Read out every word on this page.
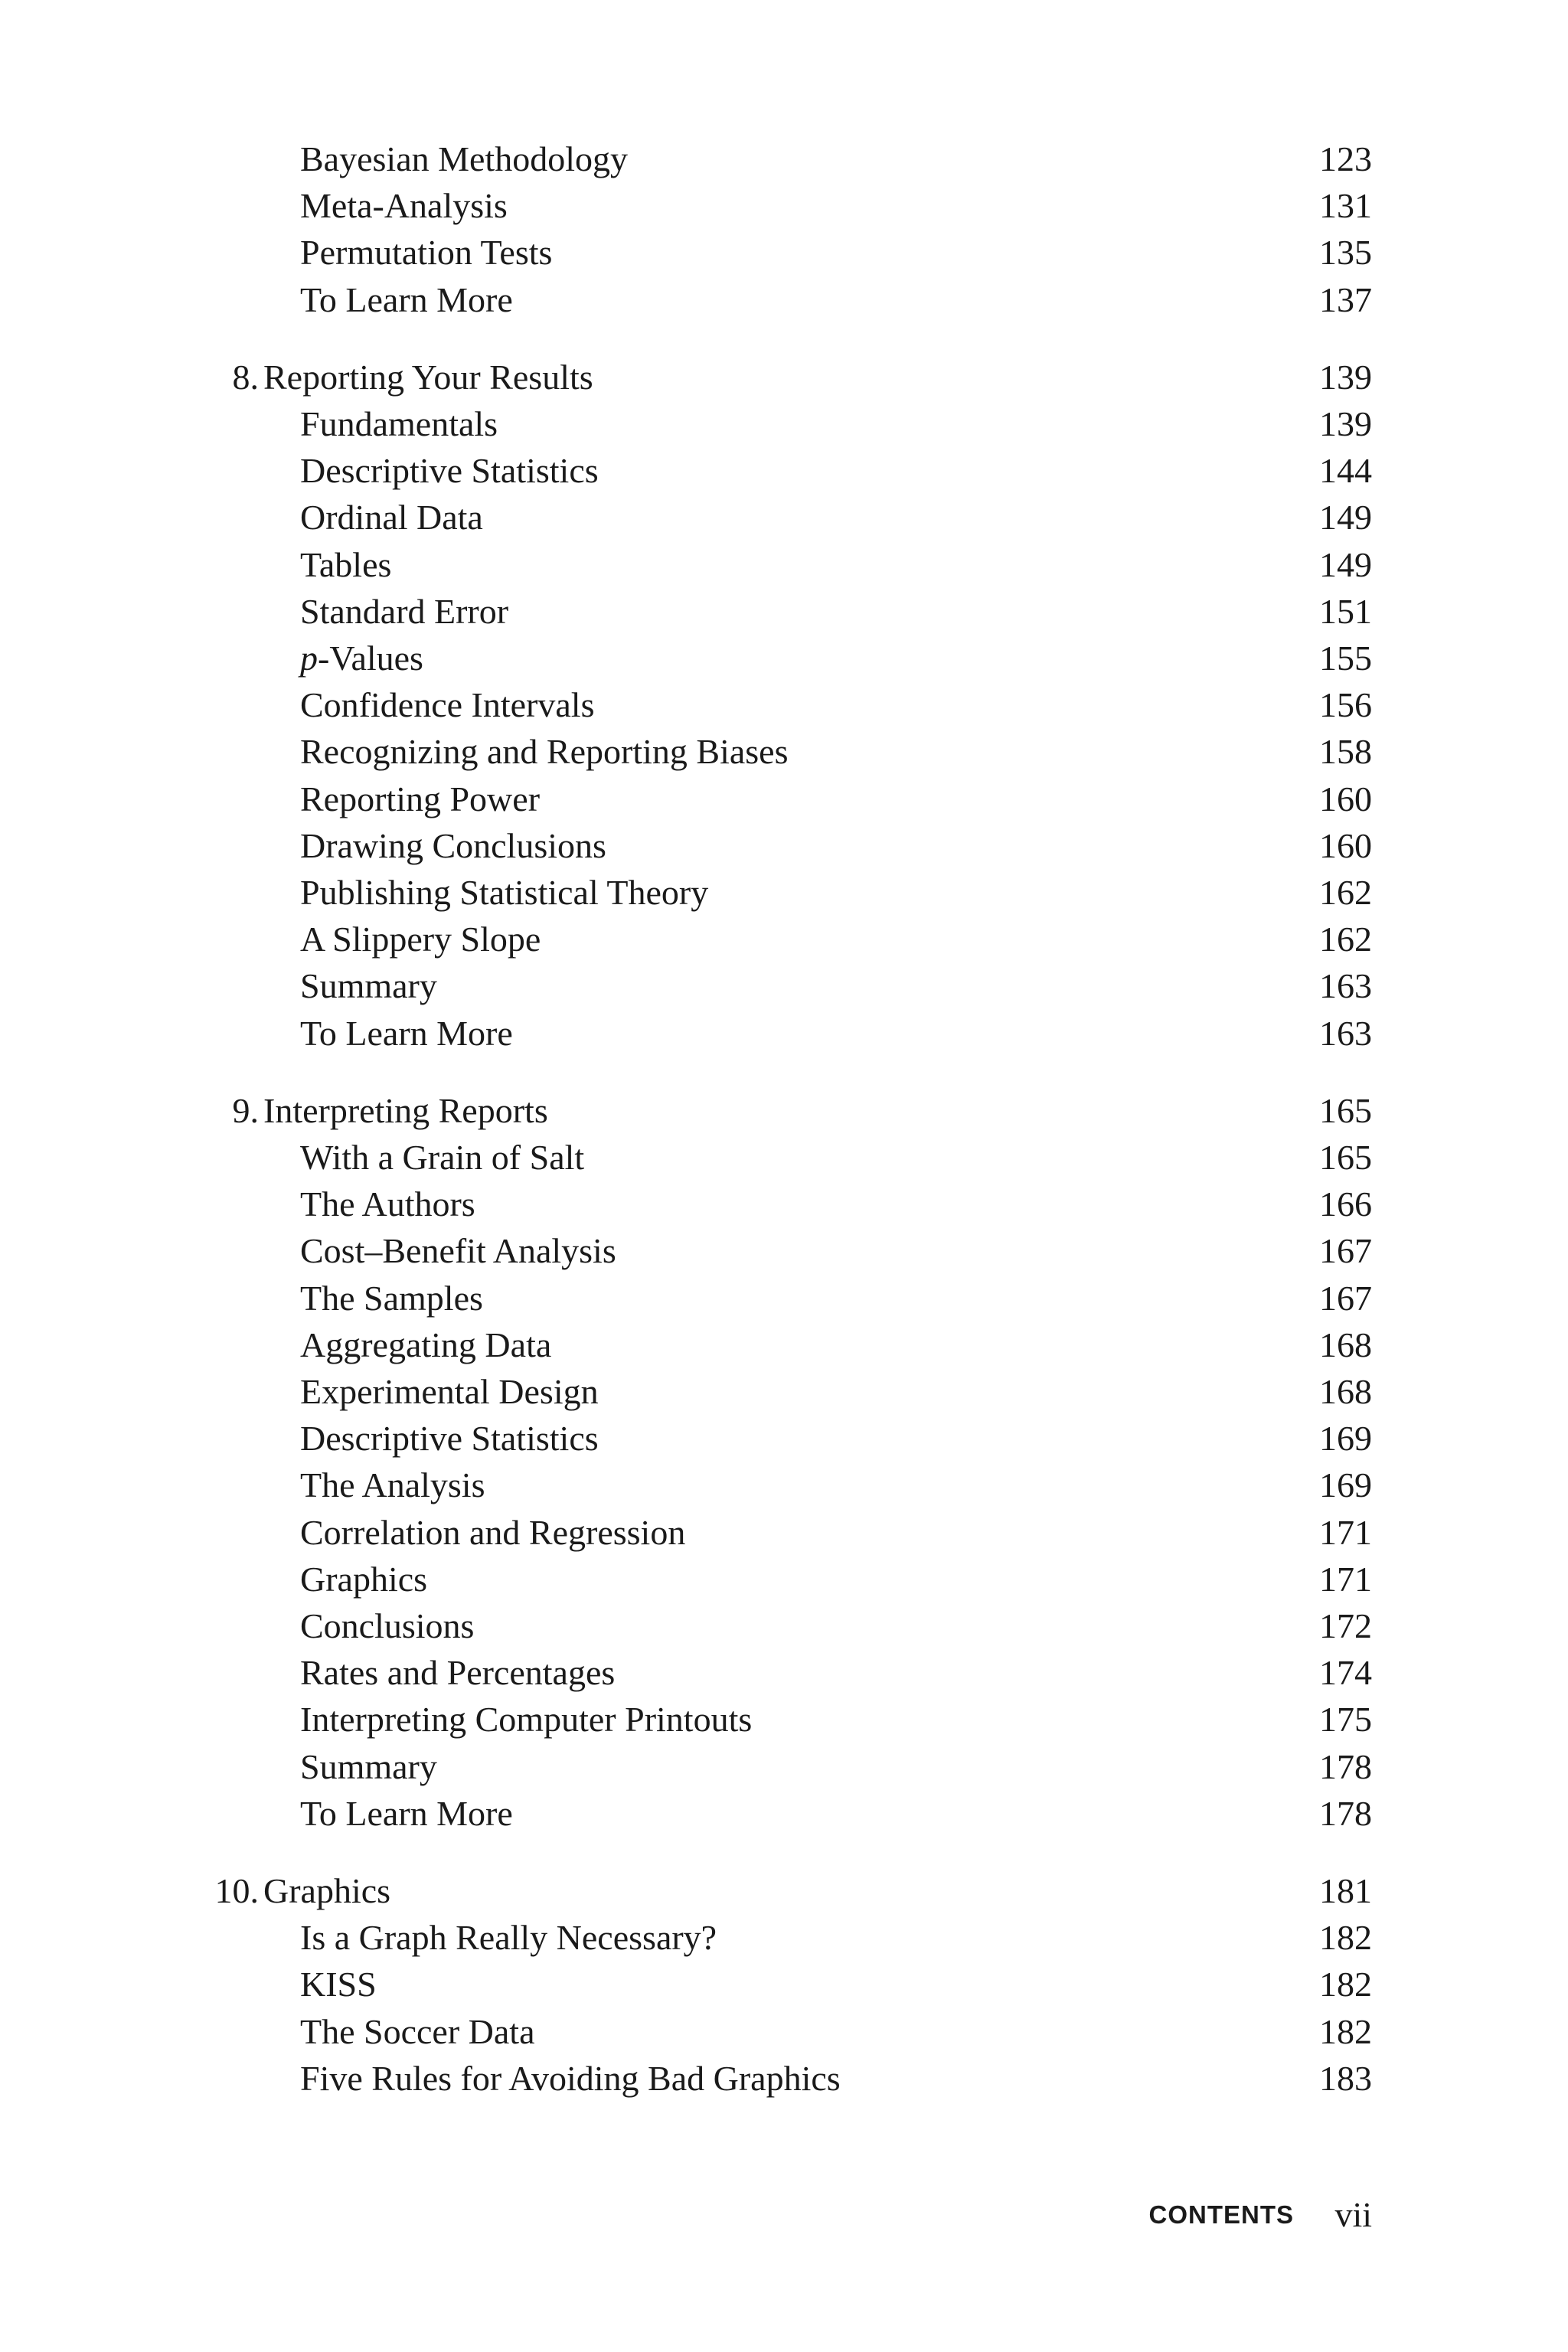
Bayesian Methodology	123
Meta-Analysis	131
Permutation Tests	135
To Learn More	137
8. Reporting Your Results	139
Fundamentals	139
Descriptive Statistics	144
Ordinal Data	149
Tables	149
Standard Error	151
p-Values	155
Confidence Intervals	156
Recognizing and Reporting Biases	158
Reporting Power	160
Drawing Conclusions	160
Publishing Statistical Theory	162
A Slippery Slope	162
Summary	163
To Learn More	163
9. Interpreting Reports	165
With a Grain of Salt	165
The Authors	166
Cost–Benefit Analysis	167
The Samples	167
Aggregating Data	168
Experimental Design	168
Descriptive Statistics	169
The Analysis	169
Correlation and Regression	171
Graphics	171
Conclusions	172
Rates and Percentages	174
Interpreting Computer Printouts	175
Summary	178
To Learn More	178
10. Graphics	181
Is a Graph Really Necessary?	182
KISS	182
The Soccer Data	182
Five Rules for Avoiding Bad Graphics	183
CONTENTS vii
